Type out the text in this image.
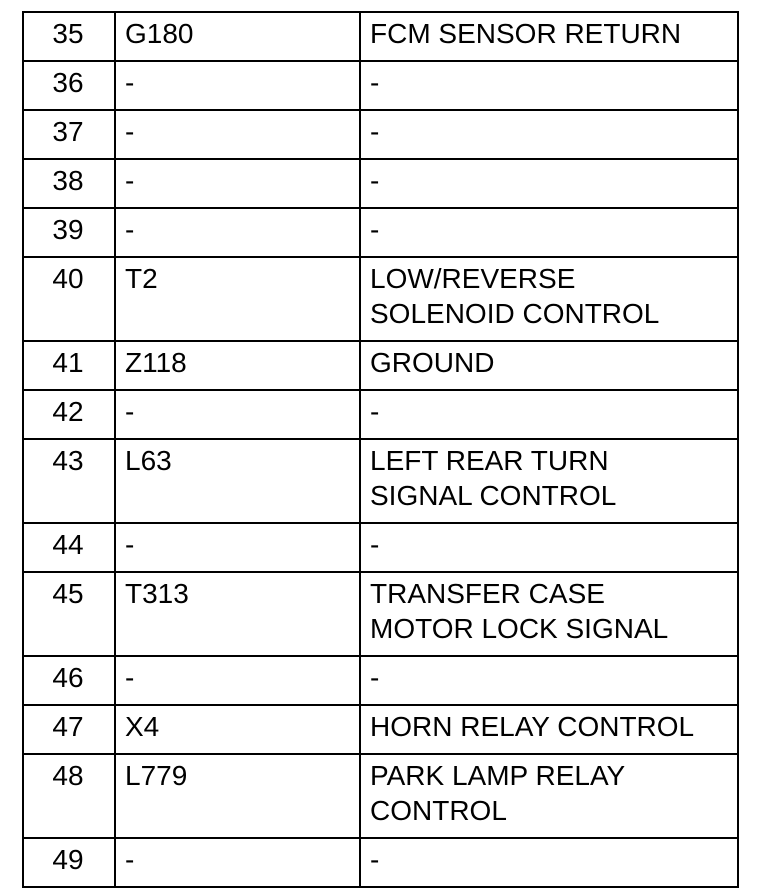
35	G180	FCM SENSOR RETURN
36	-	-
37	-	-
38	-	-
39	-	-
40	T2	LOW/REVERSE
SOLENOID CONTROL
41	Z118	GROUND
42	-	-
43	L63	LEFT REAR TURN
SIGNAL CONTROL
44	-	-
45	T313	TRANSFER CASE
MOTOR LOCK SIGNAL
46	-	-
47	X4	HORN RELAY CONTROL
48	L779	PARK LAMP RELAY
CONTROL
49	-	-
